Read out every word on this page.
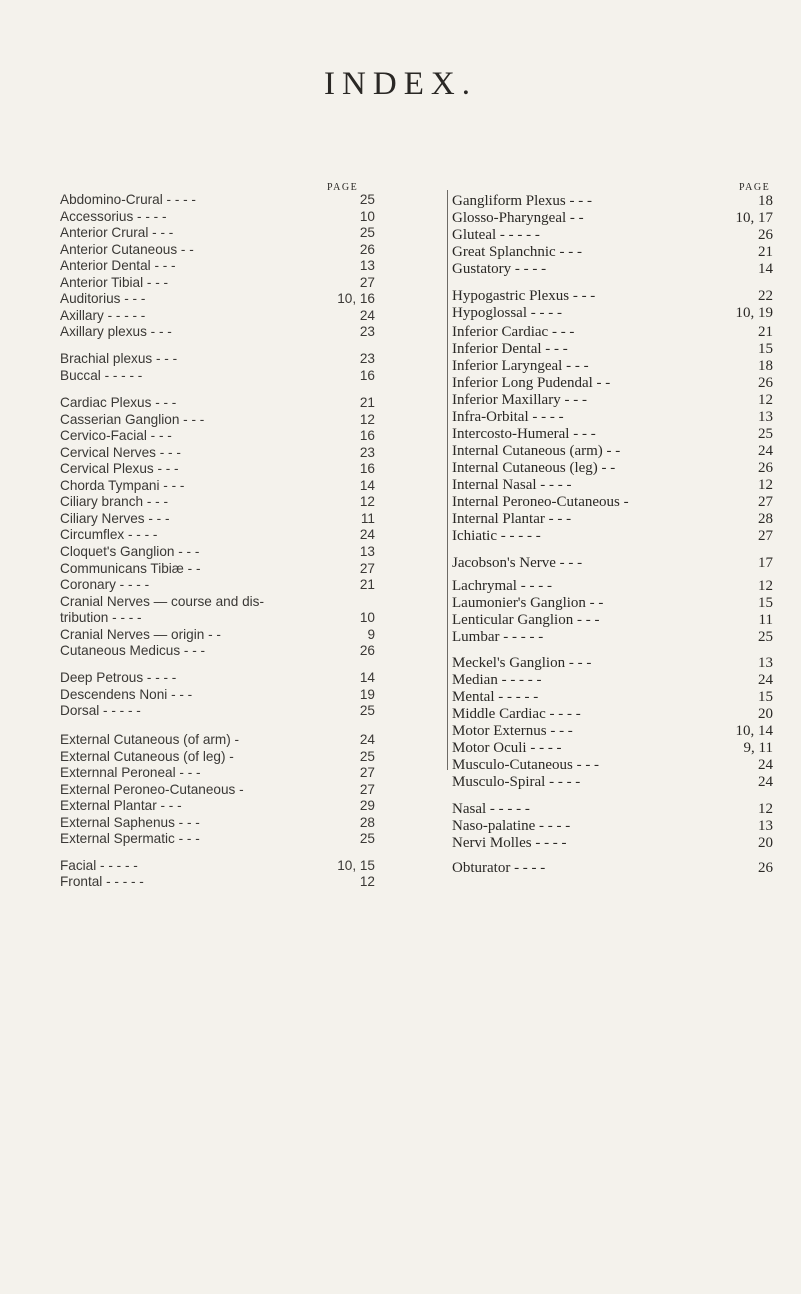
INDEX.
PAGE
Abdomino-Crural - - - -	25
Accessorius - - - -	10
Anterior Crural - - -	25
Anterior Cutaneous - -	26
Anterior Dental - - -	13
Anterior Tibial - - -	27
Auditorius - - -	10, 16
Axillary - - - - -	24
Axillary plexus - - -	23
Brachial plexus - - -	23
Buccal - - - - -	16
Cardiac Plexus - - -	21
Casserian Ganglion - - -	12
Cervico-Facial - - -	16
Cervical Nerves - - -	23
Cervical Plexus - - -	16
Chorda Tympani - - -	14
Ciliary branch - - -	12
Ciliary Nerves - - -	11
Circumflex - - - -	24
Cloquet's Ganglion - - -	13
Communicans Tibiæ - -	27
Coronary - - - -	21
Cranial Nerves — course and dis-
tribution - - - -	10
Cranial Nerves — origin - -	9
Cutaneous Medicus - - -	26
Deep Petrous - - - -	14
Descendens Noni - - -	19
Dorsal - - - - -	25
External Cutaneous (of arm) -	24
External Cutaneous (of leg) -	25
Externnal Peroneal - - -	27
External Peroneo-Cutaneous -	27
External Plantar - - -	29
External Saphenus - - -	28
External Spermatic - - -	25
Facial - - - - -	10, 15
Frontal - - - - -	12
PAGE
Gangliform Plexus - - -	18
Glosso-Pharyngeal - -	10, 17
Gluteal - - - - -	26
Great Splanchnic - - -	21
Gustatory - - - -	14
Hypogastric Plexus - - -	22
Hypoglossal - - - -	10, 19
Inferior Cardiac - - -	21
Inferior Dental - - -	15
Inferior Laryngeal - - -	18
Inferior Long Pudendal - -	26
Inferior Maxillary - - -	12
Infra-Orbital - - - -	13
Intercosto-Humeral - - -	25
Internal Cutaneous (arm) - -	24
Internal Cutaneous (leg) - -	26
Internal Nasal - - - -	12
Internal Peroneo-Cutaneous -	27
Internal Plantar - - -	28
Ichiatic - - - - -	27
Jacobson's Nerve - - -	17
Lachrymal - - - -	12
Laumonier's Ganglion - -	15
Lenticular Ganglion - - -	11
Lumbar - - - - -	25
Meckel's Ganglion - - -	13
Median - - - - -	24
Mental - - - - -	15
Middle Cardiac - - - -	20
Motor Externus - - -	10, 14
Motor Oculi - - - -	9, 11
Musculo-Cutaneous - - -	24
Musculo-Spiral - - - -	24
Nasal - - - - -	12
Naso-palatine - - - -	13
Nervi Molles - - - -	20
Obturator - - - -	26
